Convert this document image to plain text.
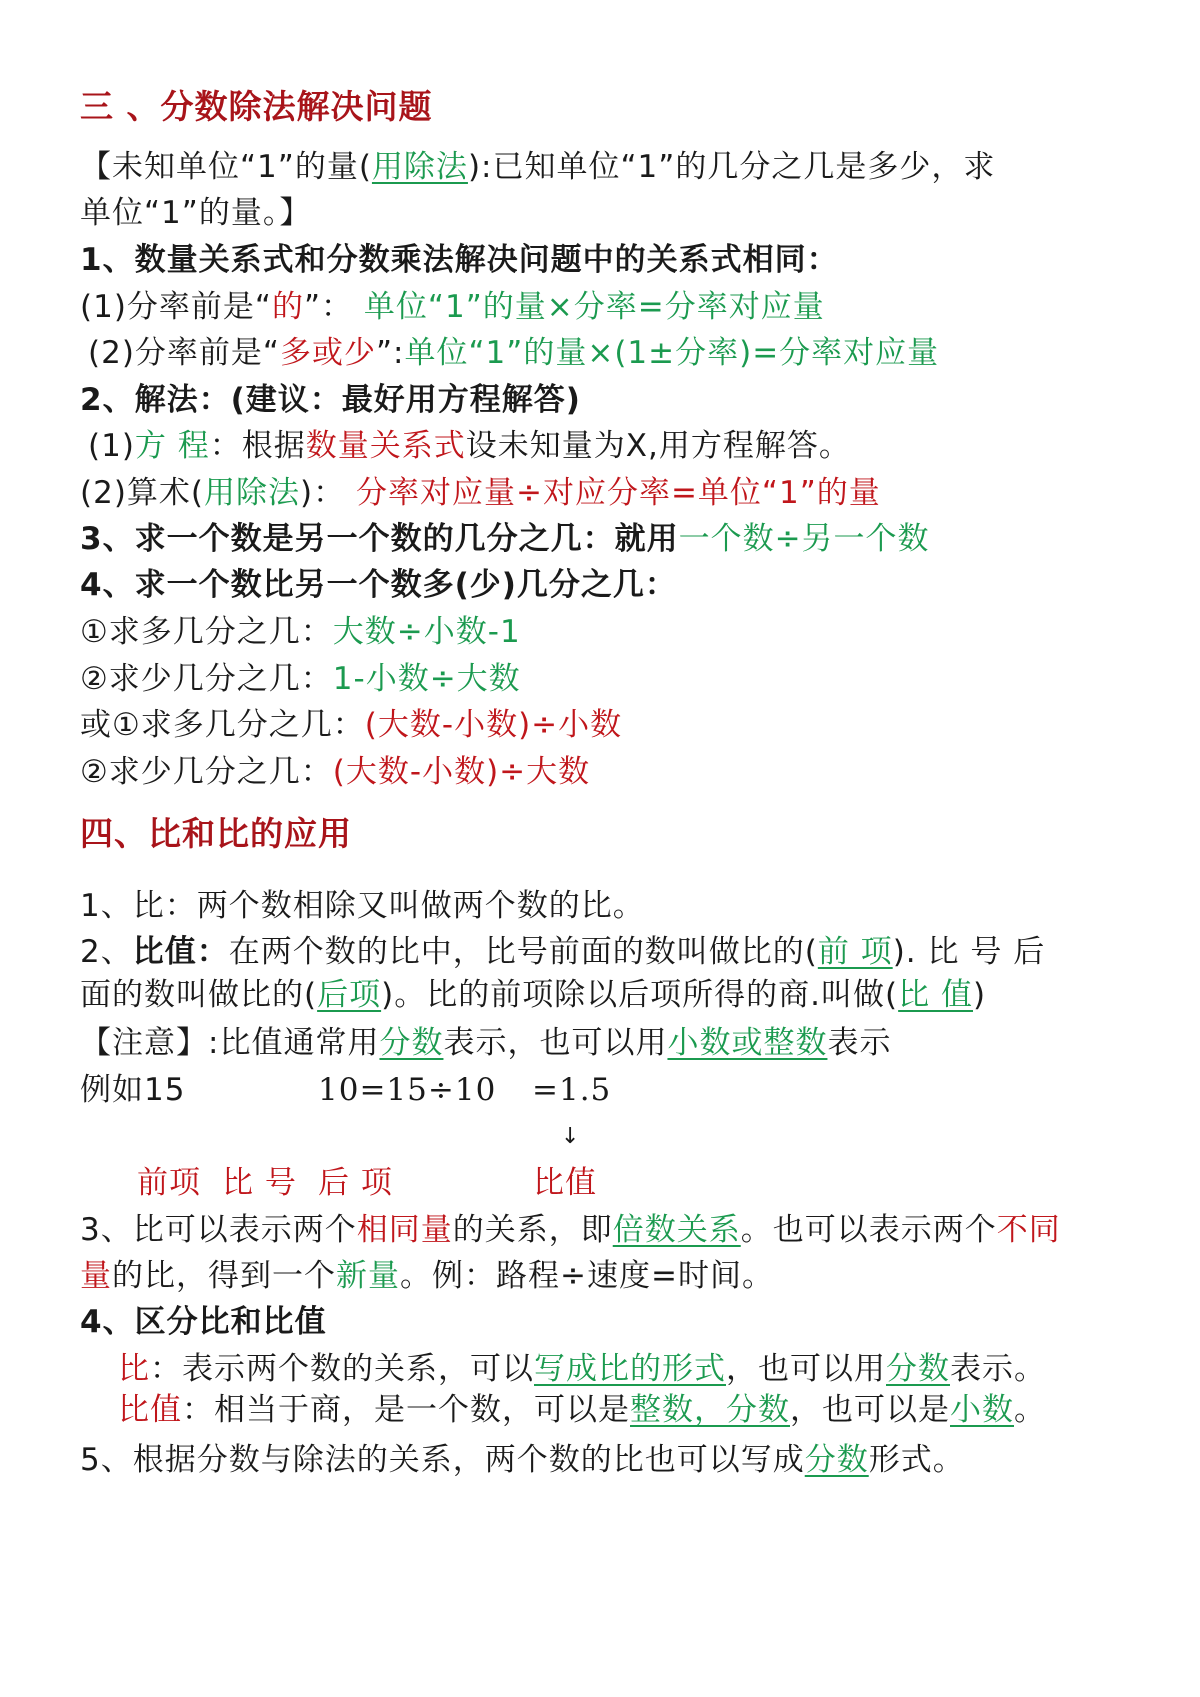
三 、分数除法解决问题
【未知单位“1”的量(用除法):已知单位“1”的几分之几是多少，求
单位“1”的量。】
1、数量关系式和分数乘法解决问题中的关系式相同：
(1)分率前是“的”： 单位“1”的量×分率=分率对应量
(2)分率前是“多或少”:单位“1”的量×(1±分率)=分率对应量
2、解法：(建议：最好用方程解答)
(1)方 程：根据数量关系式设未知量为X,用方程解答。
(2)算术(用除法)： 分率对应量÷对应分率=单位“1”的量
3、求一个数是另一个数的几分之几：就用一个数÷另一个数
4、求一个数比另一个数多(少)几分之几：
①求多几分之几：大数÷小数-1
②求少几分之几：1-小数÷大数
或①求多几分之几：(大数-小数)÷小数
②求少几分之几：(大数-小数)÷大数
四、比和比的应用
1、比：两个数相除又叫做两个数的比。
2、比值：在两个数的比中，比号前面的数叫做比的(前 项). 比 号 后
面的数叫做比的(后项)。比的前项除以后项所得的商.叫做(比 值)
【注意】:比值通常用分数表示，也可以用小数或整数表示
例如15	10=15÷10 =1.5
↓
前项 比 号 后 项	比值
3、比可以表示两个相同量的关系，即倍数关系。也可以表示两个不同
量的比，得到一个新量。例：路程÷速度=时间。
4、区分比和比值
比：表示两个数的关系，可以写成比的形式，也可以用分数表示。
比值：相当于商，是一个数，可以是整数，分数，也可以是小数。
5、根据分数与除法的关系，两个数的比也可以写成分数形式。
